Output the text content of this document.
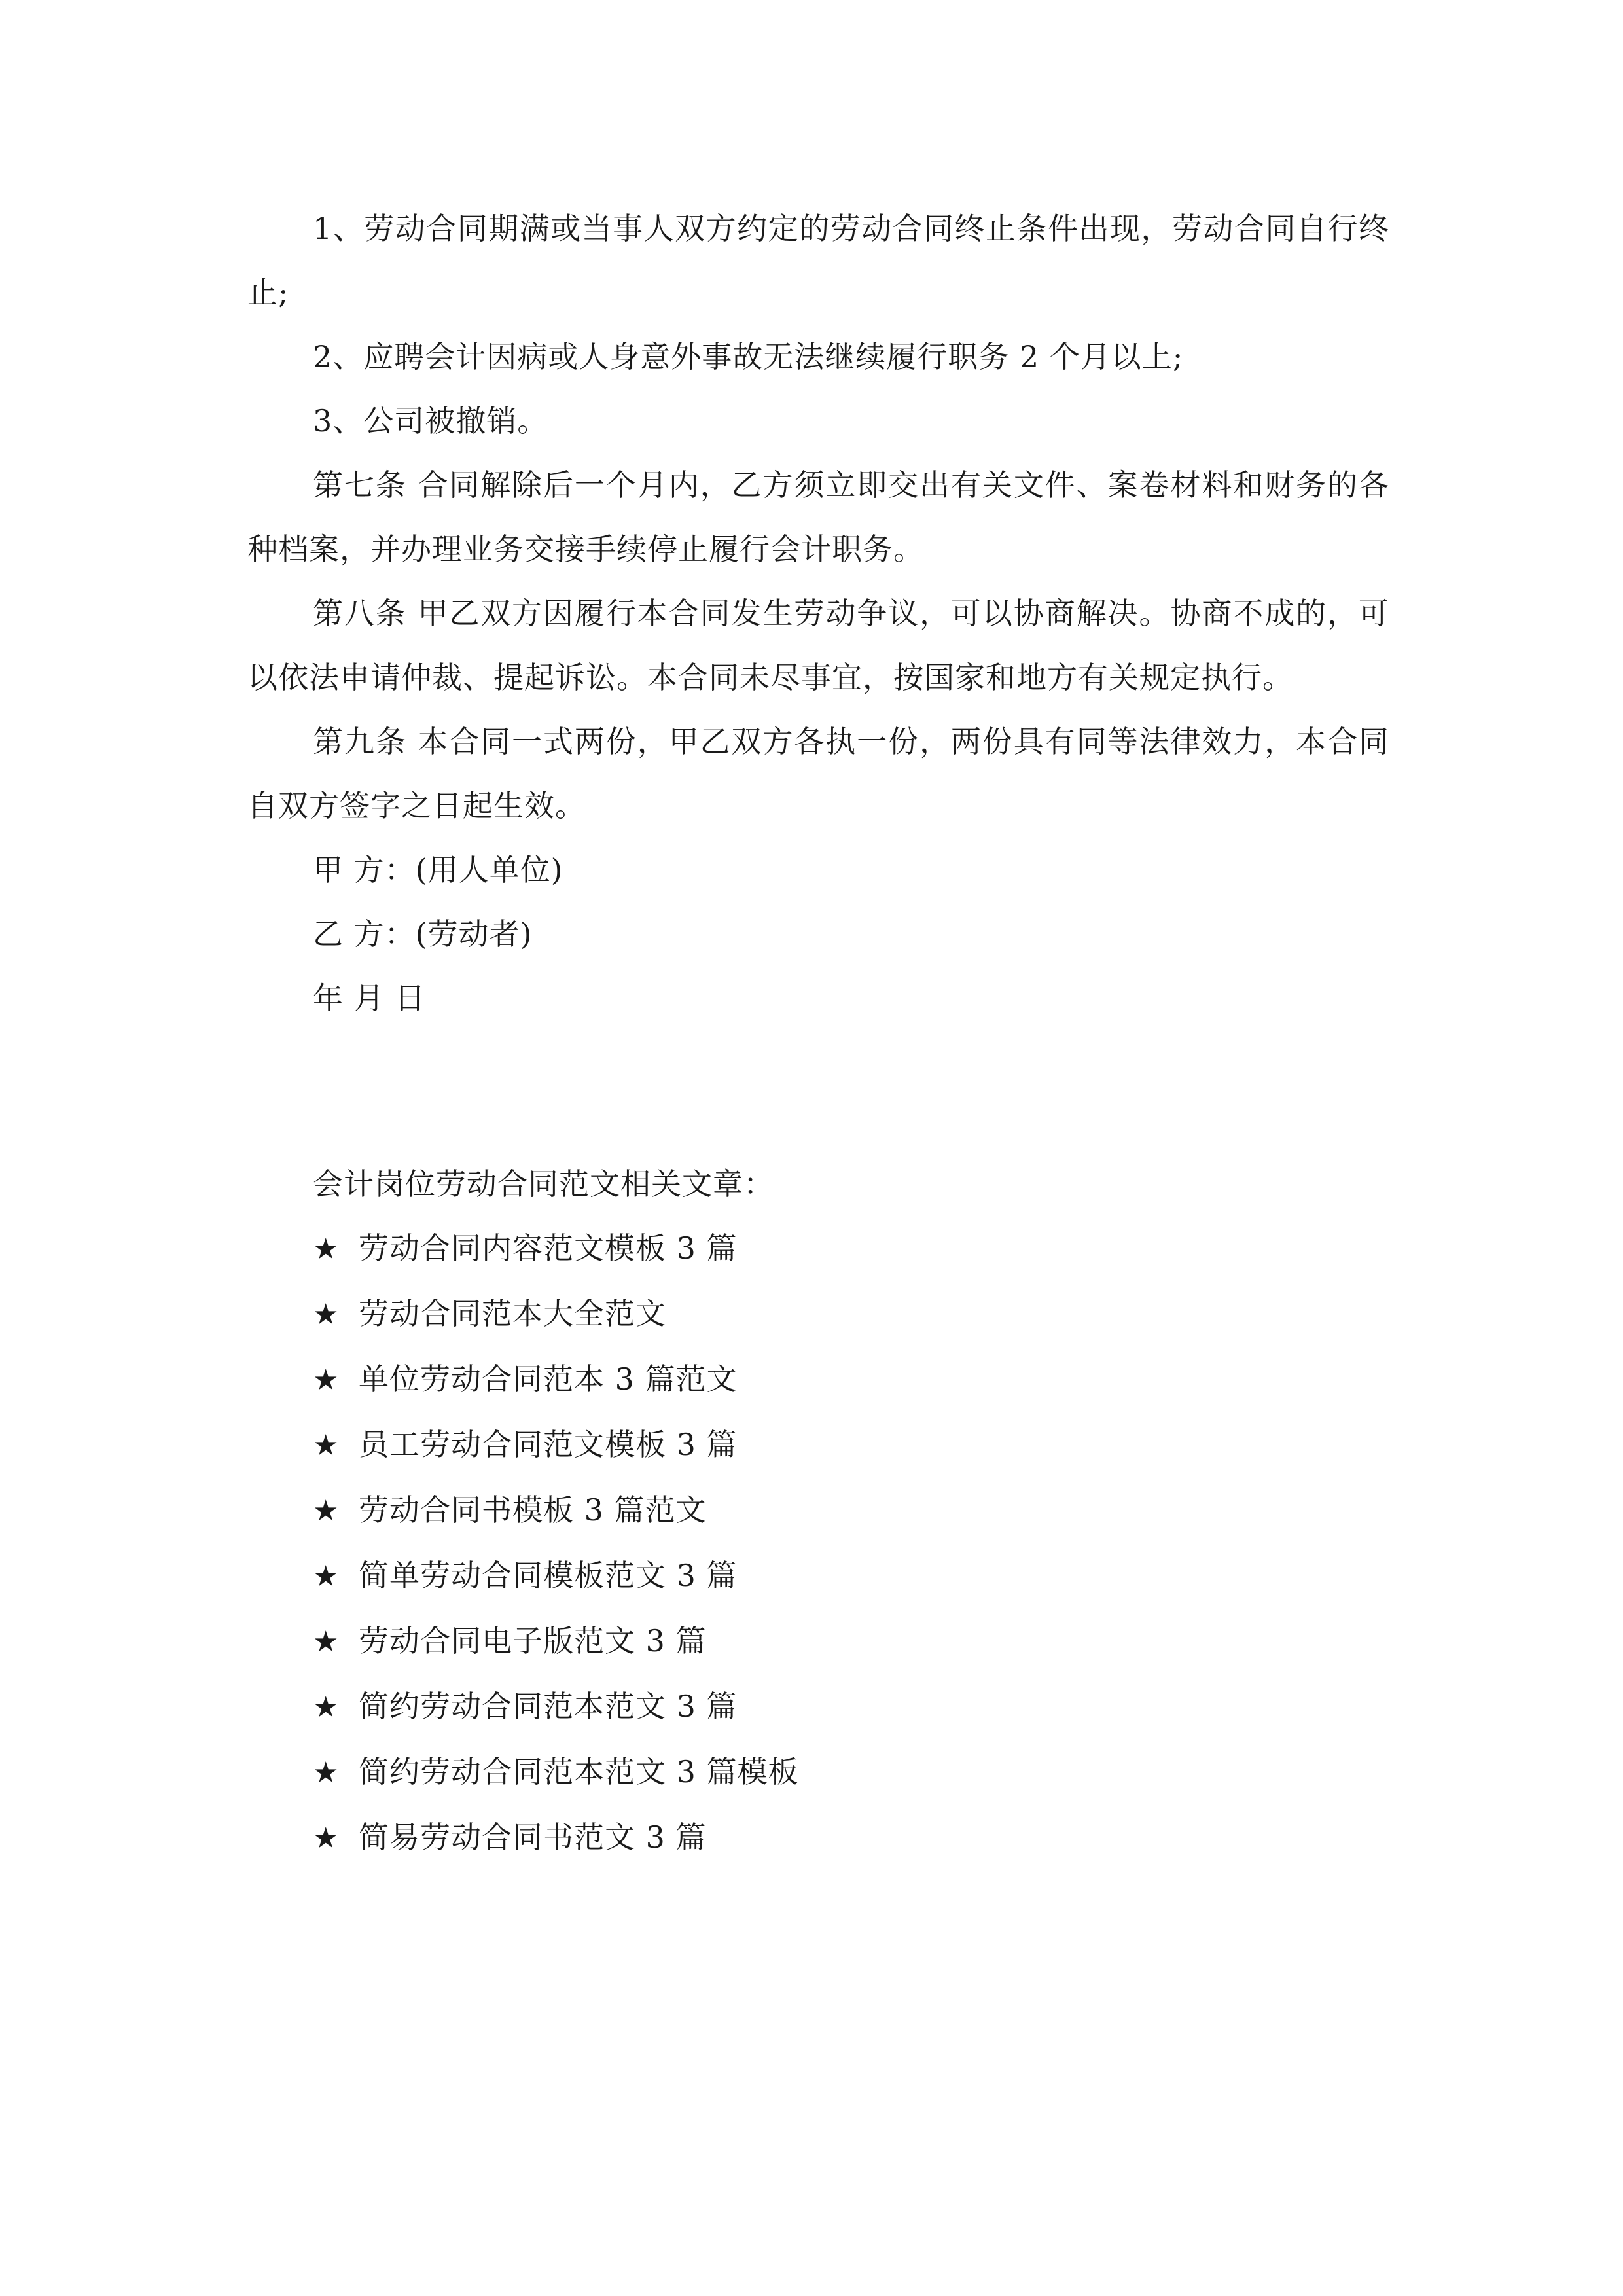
1、劳动合同期满或当事人双方约定的劳动合同终止条件出现，劳动合同自行终止;

2、应聘会计因病或人身意外事故无法继续履行职务 2 个月以上;

3、公司被撤销。

第七条 合同解除后一个月内，乙方须立即交出有关文件、案卷材料和财务的各种档案，并办理业务交接手续停止履行会计职务。

第八条 甲乙双方因履行本合同发生劳动争议，可以协商解决。协商不成的，可以依法申请仲裁、提起诉讼。本合同未尽事宜，按国家和地方有关规定执行。

第九条 本合同一式两份，甲乙双方各执一份，两份具有同等法律效力，本合同自双方签字之日起生效。

甲 方：(用人单位)

乙 方：(劳动者)

年 月 日

会计岗位劳动合同范文相关文章：

★ 劳动合同内容范文模板 3 篇
★ 劳动合同范本大全范文
★ 单位劳动合同范本 3 篇范文
★ 员工劳动合同范文模板 3 篇
★ 劳动合同书模板 3 篇范文
★ 简单劳动合同模板范文 3 篇
★ 劳动合同电子版范文 3 篇
★ 简约劳动合同范本范文 3 篇
★ 简约劳动合同范本范文 3 篇模板
★ 简易劳动合同书范文 3 篇
